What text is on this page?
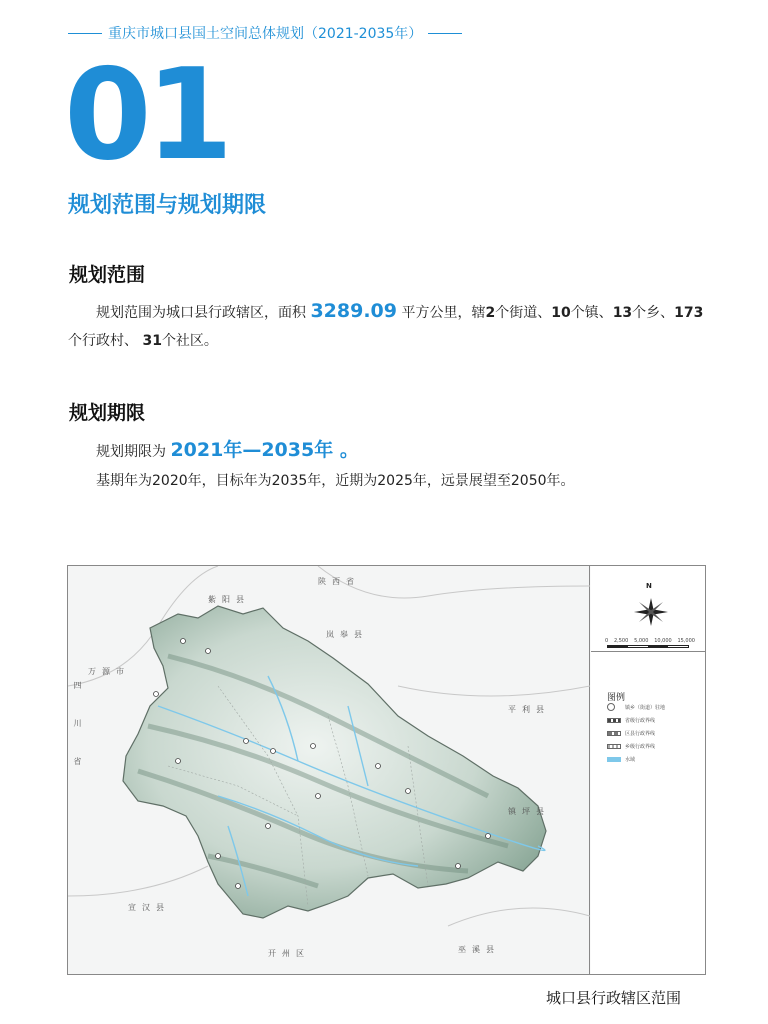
重庆市城口县国土空间总体规划（2021-2035年）
01
规划范围与规划期限
规划范围
规划范围为城口县行政辖区，面积 3289.09 平方公里，辖2个街道、10个镇、13个乡、173个行政村、 31个社区。
规划期限
规划期限为 2021年—2035年 。
基期年为2020年，目标年为2035年，近期为2025年，远景展望至2050年。
陕西省
紫阳县
岚皋县
万源市
平利县
四川省
镇坪县
宣汉县
开州区	巫溪县
N
0 2,500 5,000 10,000 15,000
图例
镇乡（街道）驻地
省级行政界线
区县行政界线
乡级行政界线
水域
城口县行政辖区范围
